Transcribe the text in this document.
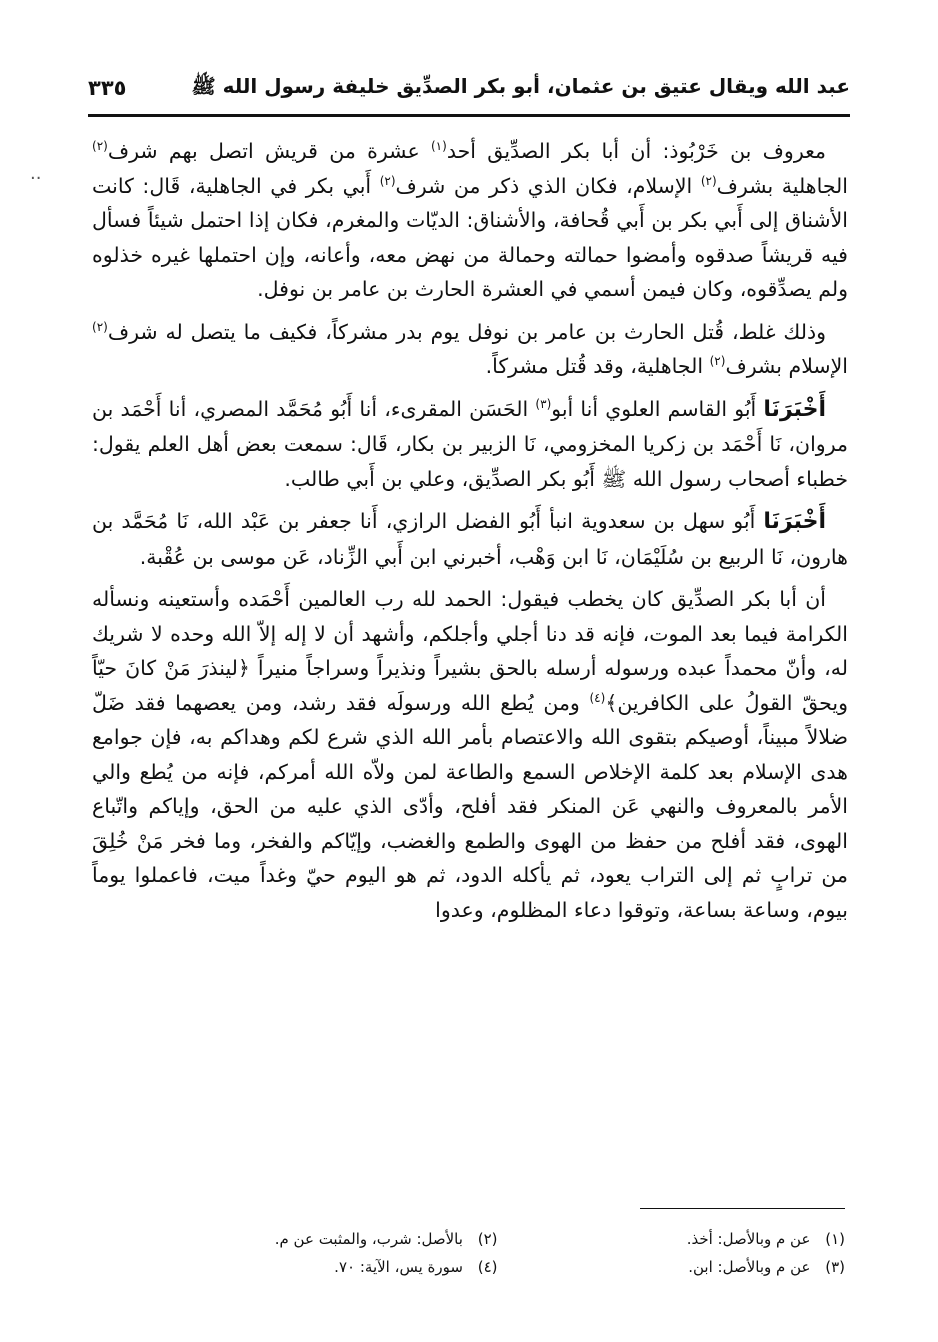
عبد الله ويقال عتيق بن عثمان، أبو بكر الصدِّيق خليفة رسول الله ﷺ
٣٣٥
··

معروف بن خَرْبُوذ: أن أبا بكر الصدِّيق أحد$^{(١)}$ عشرة من قريش اتصل بهم شرف$^{(٢)}$ الجاهلية بشرف$^{(٢)}$ الإسلام، فكان الذي ذكر من شرف$^{(٢)}$ أَبي بكر في الجاهلية، قَال: كانت الأشناق إلى أَبي بكر بن أَبي قُحافة، والأشناق: الديّات والمغرم، فكان إذا احتمل شيئاً فسأل فيه قريشاً صدقوه وأمضوا حمالته وحمالة من نهض معه، وأعانه، وإن احتملها غيره خذلوه ولم يصدِّقوه، وكان فيمن أسمي في العشرة الحارث بن عامر بن نوفل.

وذلك غلط، قُتل الحارث بن عامر بن نوفل يوم بدر مشركاً، فكيف ما يتصل له شرف$^{(٢)}$ الإسلام بشرف$^{(٢)}$ الجاهلية، وقد قُتل مشركاً.

أَخْبَرَنَا أَبُو القاسم العلوي أنا أبو$^{(٣)}$ الحَسَن المقرىء، أنا أَبُو مُحَمَّد المصري، أنا أَحْمَد بن مروان، نَا أَحْمَد بن زكريا المخزومي، نَا الزبير بن بكار، قَال: سمعت بعض أهل العلم يقول: خطباء أصحاب رسول الله ﷺ أَبُو بكر الصدِّيق، وعلي بن أَبي طالب.

أَخْبَرَنَا أَبُو سهل بن سعدوية انبأ أَبُو الفضل الرازي، أَنا جعفر بن عَبْد الله، نَا مُحَمَّد بن هارون، نَا الربيع بن سُلَيْمَان، نَا ابن وَهْب، أخبرني ابن أَبي الزِّناد، عَن موسى بن عُقْبة.

أن أبا بكر الصدِّيق كان يخطب فيقول: الحمد لله رب العالمين أَحْمَده وأستعينه ونسأله الكرامة فيما بعد الموت، فإنه قد دنا أجلي وأجلكم، وأشهد أن لا إله إلاّ الله وحده لا شريك له، وأنّ محمداً عبده ورسوله أرسله بالحق بشيراً ونذيراً وسراجاً منيراً ﴿لينذرَ مَنْ كانَ حيّاً ويحقّ القولُ على الكافرين﴾$^{(٤)}$ ومن يُطع الله ورسولَه فقد رشد، ومن يعصهما فقد ضَلّ ضلالاً مبيناً، أوصيكم بتقوى الله والاعتصام بأمر الله الذي شرع لكم وهداكم به، فإن جوامع هدى الإسلام بعد كلمة الإخلاص السمع والطاعة لمن ولاّه الله أمركم، فإنه من يُطع والي الأمر بالمعروف والنهي عَن المنكر فقد أفلح، وأدّى الذي عليه من الحق، وإياكم واتّباع الهوى، فقد أفلح من حفظ من الهوى والطمع والغضب، وإيّاكم والفخر، وما فخر مَنْ خُلِقَ من ترابٍ ثم إلى التراب يعود، ثم يأكله الدود، ثم هو اليوم حيّ وغداً ميت، فاعملوا يوماً بيوم، وساعة بساعة، وتوقوا دعاء المظلوم، وعدوا

(١) عن م وبالأصل: أخذ.
(٢) بالأصل: شرب، والمثبت عن م.
(٣) عن م وبالأصل: ابن.
(٤) سورة يس، الآية: ٧٠.
